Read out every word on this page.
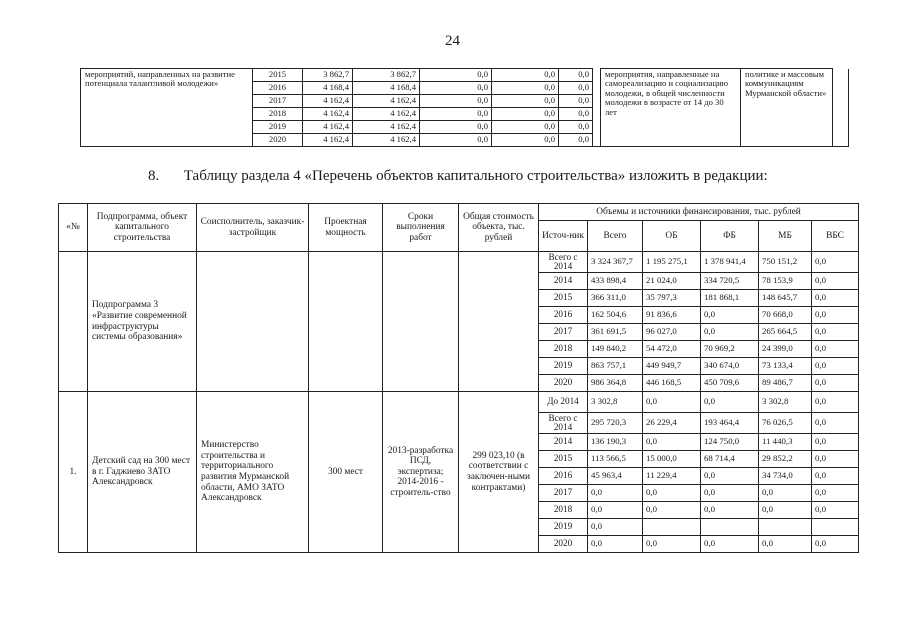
24
мероприятий, направленных на развитие потенциала талантливой молодежи»	2015	3 862,7	3 862,7	0,0	0,0	0,0		мероприятия, направленные на самореализацию и социализацию молодежи, в общей численности молодежи в возрасте от 14 до 30 лет	политике и массовым коммуникациям Мурманской области»	
	2016	4 168,4	4 168,4	0,0	0,0	0,0				
	2017	4 162,4	4 162,4	0,0	0,0	0,0				
	2018	4 162,4	4 162,4	0,0	0,0	0,0				
	2019	4 162,4	4 162,4	0,0	0,0	0,0				
	2020	4 162,4	4 162,4	0,0	0,0	0,0				
8. Таблицу раздела 4 «Перечень объектов капитального строительства» изложить в редакции:
«№	Подпрограмма, объект капитального строительства	Соисполнитель, заказчик-застройщик	Проектная мощность	Сроки выполнения работ	Общая стоимость объекта, тыс. рублей	Объемы и источники финансирования, тыс. рублей					
						Источ-ник	Всего	ОБ	ФБ	МБ	ВБС
	Подпрограмма 3 «Развитие современной инфраструктуры системы образования»					Всего с 2014	3 324 367,7	1 195 275,1	1 378 941,4	750 151,2	0,0
						2014	433 898,4	21 024,0	334 720,5	78 153,9	0,0
						2015	366 311,0	35 797,3	181 868,1	148 645,7	0,0
						2016	162 504,6	91 836,6	0,0	70 668,0	0,0
						2017	361 691,5	96 027,0	0,0	265 664,5	0,0
						2018	149 840,2	54 472,0	70 969,2	24 399,0	0,0
						2019	863 757,1	449 949,7	340 674,0	73 133,4	0,0
						2020	986 364,8	446 168,5	450 709,6	89 486,7	0,0
1.	Детский сад на 300 мест в г. Гаджиево ЗАТО Александровск	Министерство строительства и территориального развития Мурманской области, АМО ЗАТО Александровск	300 мест	2013-разработка ПСД, экспертиза; 2014-2016 - строитель-ство	299 023,10 (в соответствии с заключен-ными контрактами)	До 2014	3 302,8	0,0	0,0	3 302,8	0,0
						Всего с 2014	295 720,3	26 229,4	193 464,4	76 026,5	0,0
						2014	136 190,3	0,0	124 750,0	11 440,3	0,0
						2015	113 566,5	15 000,0	68 714,4	29 852,2	0,0
						2016	45 963,4	11 229,4	0,0	34 734,0	0,0
						2017	0,0	0,0	0,0	0,0	0,0
						2018	0,0	0,0	0,0	0,0	0,0
						2019	0,0				
						2020	0,0	0,0	0,0	0,0	0,0
